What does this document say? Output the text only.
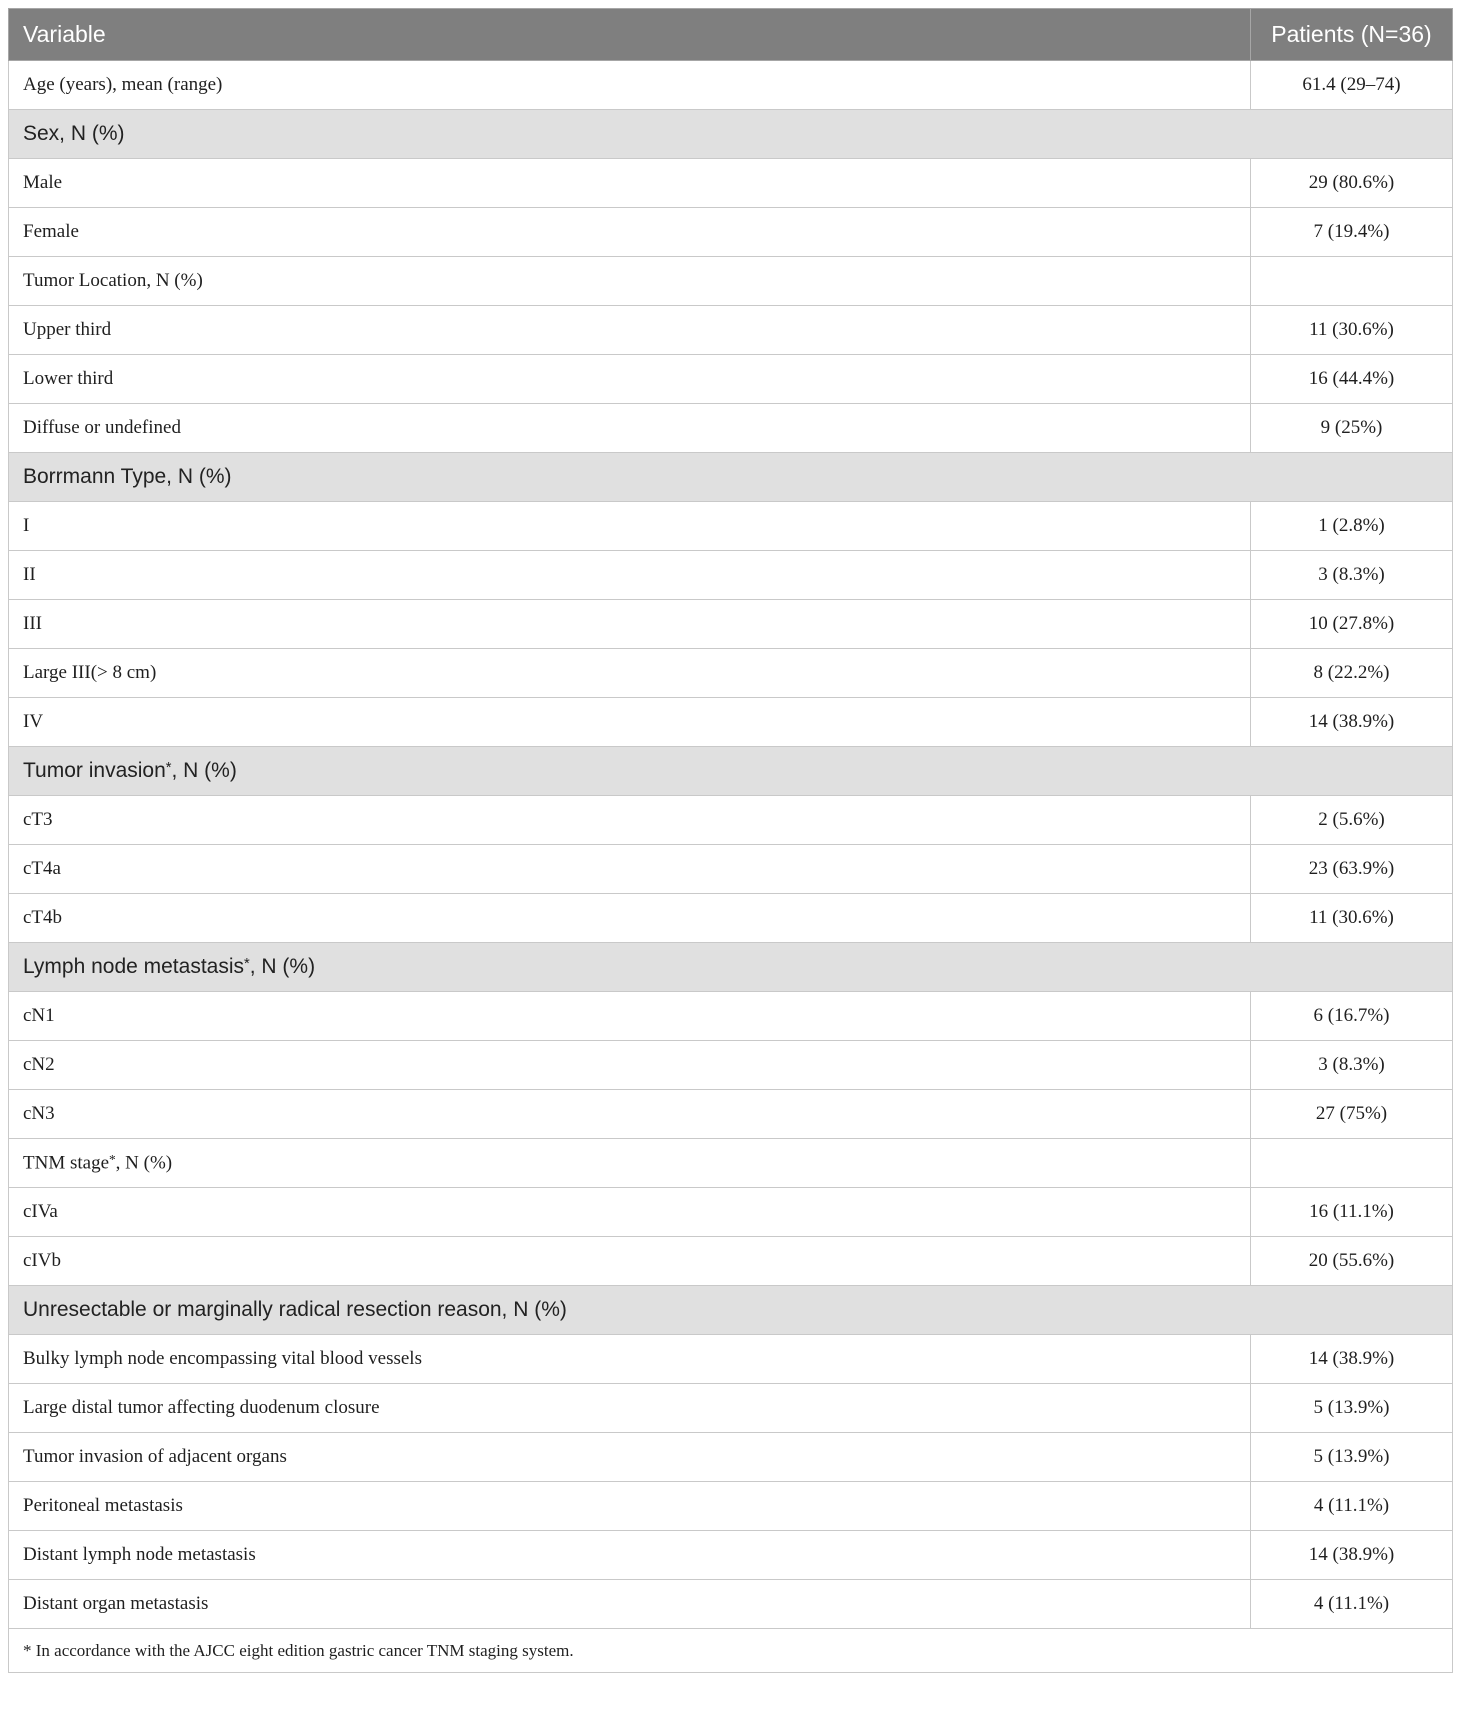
Variable	Patients (N=36)
Age (years), mean (range)	61.4 (29–74)
Sex, N (%)	
Male	29 (80.6%)
Female	7 (19.4%)
Tumor Location, N (%)	
Upper third	11 (30.6%)
Lower third	16 (44.4%)
Diffuse or undefined	9 (25%)
Borrmann Type, N (%)	
I	1 (2.8%)
II	3 (8.3%)
III	10 (27.8%)
Large III(> 8 cm)	8 (22.2%)
IV	14 (38.9%)
Tumor invasion*, N (%)	
cT3	2 (5.6%)
cT4a	23 (63.9%)
cT4b	11 (30.6%)
Lymph node metastasis*, N (%)	
cN1	6 (16.7%)
cN2	3 (8.3%)
cN3	27 (75%)
TNM stage*, N (%)	
cIVa	16 (11.1%)
cIVb	20 (55.6%)
Unresectable or marginally radical resection reason, N (%)	
Bulky lymph node encompassing vital blood vessels	14 (38.9%)
Large distal tumor affecting duodenum closure	5 (13.9%)
Tumor invasion of adjacent organs	5 (13.9%)
Peritoneal metastasis	4 (11.1%)
Distant lymph node metastasis	14 (38.9%)
Distant organ metastasis	4 (11.1%)
* In accordance with the AJCC eight edition gastric cancer TNM staging system.	
